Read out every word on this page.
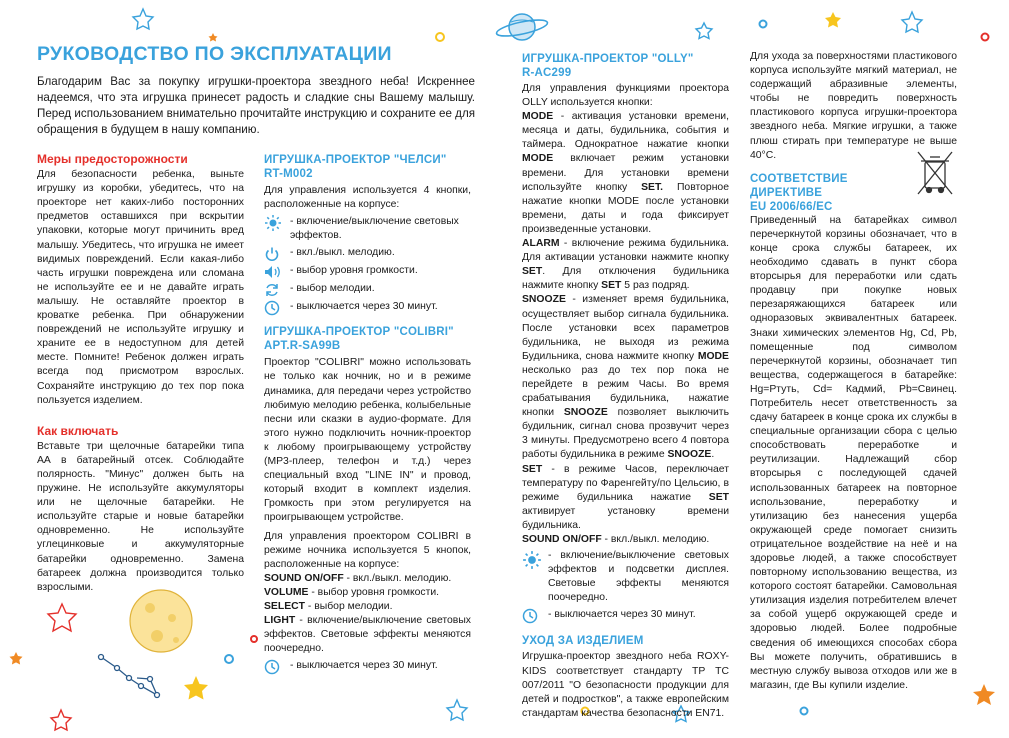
РУКОВОДСТВО ПО ЭКСПЛУАТАЦИИ

Благодарим Вас за покупку игрушки-проектора звездного неба! Искреннее надеемся, что эта игрушка принесет радость и сладкие сны Вашему малышу. Перед использованием внимательно прочитайте инструкцию и сохраните ее для обращения в будущем в нашу компанию.

Меры предосторожности

Для безопасности ребенка, выньте игрушку из коробки, убедитесь, что на проекторе нет каких-либо посторонних предметов оставшихся при вскрытии упаковки, которые могут причинить вред малышу. Убедитесь, что игрушка не имеет видимых повреждений. Если какая-либо часть игрушки повреждена или сломана не используйте ее и не давайте играть малышу. Не оставляйте проектор в кроватке ребенка. При обнаружении повреждений не используйте игрушку и храните ее в недоступном для детей месте. Помните! Ребенок должен играть всегда под присмотром взрослых. Сохраняйте инструкцию до тех пор пока пользуется изделием.

Как включать

Вставьте три щелочные батарейки типа АА в батарейный отсек. Соблюдайте полярность. "Минус" должен быть на пружине. Не используйте аккумуляторы или не щелочные батарейки. Не используйте старые и новые батарейки одновременно. Не используйте углецинковые и аккумуляторные батарейки одновременно. Замена батареек должна производится только взрослыми.

ИГРУШКА-ПРОЕКТОР "ЧЕЛСИ"
RT-M002

Для управления используется 4 кнопки, расположенные на корпусе:

- включение/выключение световых эффектов.
- вкл./выкл. мелодию.
- выбор уровня громкости.
- выбор мелодии.
- выключается через 30 минут.
ИГРУШКА-ПРОЕКТОР "COLIBRI"
APT.R-SA99B

Проектор "COLIBRI" можно использовать не только как ночник, но и в режиме динамика, для передачи через устройство любимую мелодию ребенка, колыбельные песни или сказки в аудио-формате. Для этого нужно подключить ночник-проектор к любому проигрывающему устройству (MP3-плеер, телефон и т.д.) через специальный вход "LINE IN" и провод, который входит в комплект изделия. Громкость при этом регулируется на проигрывающем устройстве.

Для управления проектором COLIBRI в режиме ночника используется 5 кнопок, расположенные на корпусе:

SOUND ON/OFF - вкл./выкл. мелодию.

VOLUME - выбор уровня громкости.

SELECT - выбор мелодии.

LIGHT - включение/выключение световых эффектов. Световые эффекты меняются поочередно.

- выключается через 30 минут.
ИГРУШКА-ПРОЕКТОР "OLLY"
R-AC299

Для управления функциями проектора OLLY используется кнопки:

MODE - активация установки времени, месяца и даты, будильника, события и таймера. Однократное нажатие кнопки MODE включает режим установки времени. Для установки времени используйте кнопку SET. Повторное нажатие кнопки MODE после установки времени, даты и года фиксирует произведенные установки.

ALARM - включение режима будильника. Для активации установки нажмите кнопку SET. Для отключения будильника нажмите кнопку SET 5 раз подряд.

SNOOZE - изменяет время будильника, осуществляет выбор сигнала будильника. После установки всех параметров будильника, не выходя из режима Будильника, снова нажмите кнопку MODE несколько раз до тех пор пока не перейдете в режим Часы. Во время срабатывания будильника, нажатие кнопки SNOOZE позволяет выключить будильник, сигнал снова прозвучит через 3 минуты. Предусмотрено всего 4 повтора работы будильника в режиме SNOOZE.

SET - в режиме Часов, переключает температуру по Фаренгейту/по Цельсию, в режиме будильника нажатие SET активирует установку времени будильника.

SOUND ON/OFF - вкл./выкл. мелодию.

- включение/выключение световых эффектов и подсветки дисплея. Световые эффекты меняются поочередно.
- выключается через 30 минут.
УХОД ЗА ИЗДЕЛИЕМ

Игрушка-проектор звездного неба ROXY-KIDS соответствует стандарту ТР ТС 007/2011 "О безопасности продукции для детей и подростков", а также европейским стандартам качества безопасности EN71.

Для ухода за поверхностями пластикового корпуса используйте мягкий материал, не содержащий абразивные элементы, чтобы не повредить поверхность пластикового корпуса игрушки-проектора звездного неба. Мягкие игрушки, а также плюш стирать при температуре не выше 40°С.

СООТВЕТСТВИЕ ДИРЕКТИВЕ
EU 2006/66/EC

Приведенный на батарейках символ перечеркнутой корзины обозначает, что в конце срока службы батареек, их необходимо сдавать в пункт сбора вторсырья для переработки или сдать продавцу при покупке новых перезаряжающихся батареек или одноразовых эквивалентных батареек. Знаки химических элементов Hg, Cd, Pb, помещенные под символом перечеркнутой корзины, обозначает тип вещества, содержащегося в батарейке: Hg=Ртуть, Cd= Кадмий, Pb=Свинец. Потребитель несет ответственность за сдачу батареек в конце срока их службы в специальные организации сбора с целью способствовать переработке и реутилизации. Надлежащий сбор вторсырья с последующей сдачей использованных батареек на повторное использование, переработку и утилизацию без нанесения ущерба окружающей среде помогает снизить отрицательное воздействие на неё и на здоровье людей, а также способствует повторному использованию вещества, из которого состоят батарейки. Самовольная утилизация изделия потребителем влечет за собой ущерб окружающей среде и здоровью людей. Более подробные сведения об имеющихся способах сбора Вы можете получить, обратившись в местную службу вывоза отходов или же в магазин, где Вы купили изделие.
